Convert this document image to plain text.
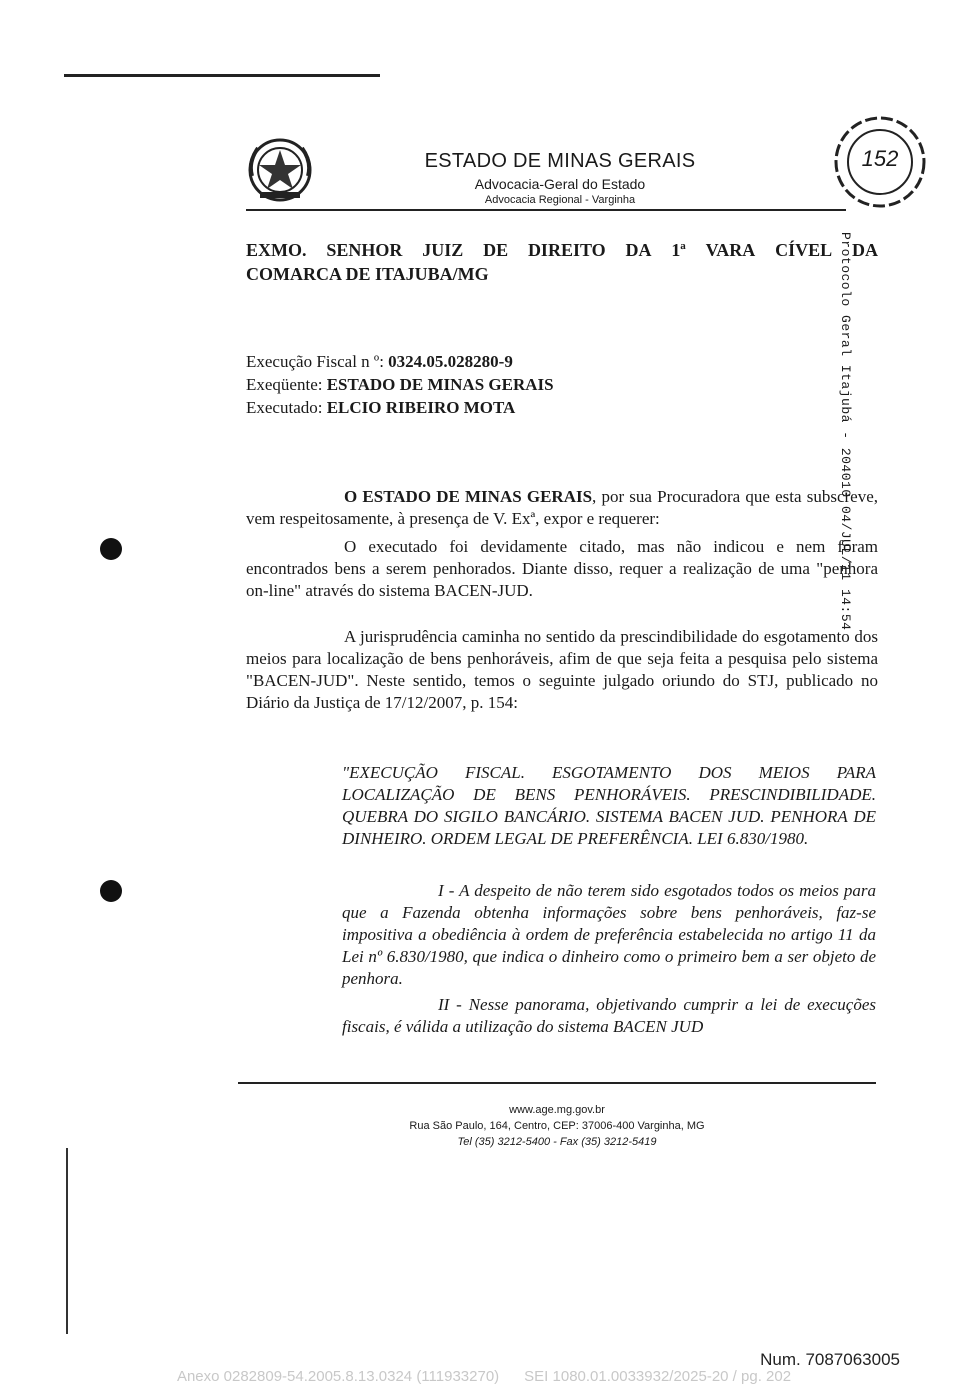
ESTADO DE MINAS GERAIS
Advocacia-Geral do Estado
Advocacia Regional - Varginha
152
Protocolo Geral Itajubá - 204010 04/JUL/11 14:54
EXMO. SENHOR JUIZ DE DIREITO DA 1ª VARA CÍVEL DA
COMARCA DE ITAJUBA/MG
Execução Fiscal n º: 0324.05.028280-9
Exeqüente: ESTADO DE MINAS GERAIS
Executado: ELCIO RIBEIRO MOTA
O ESTADO DE MINAS GERAIS, por sua Procuradora que esta subscreve, vem respeitosamente, à presença de V. Exª, expor e requerer:
O executado foi devidamente citado, mas não indicou e nem foram encontrados bens a serem penhorados. Diante disso, requer a realização de uma "penhora on-line" através do sistema BACEN-JUD.
A jurisprudência caminha no sentido da prescindibilidade do esgotamento dos meios para localização de bens penhoráveis, afim de que seja feita a pesquisa pelo sistema "BACEN-JUD". Neste sentido, temos o seguinte julgado oriundo do STJ, publicado no Diário da Justiça de 17/12/2007, p. 154:
"EXECUÇÃO FISCAL. ESGOTAMENTO DOS MEIOS PARA LOCALIZAÇÃO DE BENS PENHORÁVEIS. PRESCINDIBILIDADE. QUEBRA DO SIGILO BANCÁRIO. SISTEMA BACEN JUD. PENHORA DE DINHEIRO. ORDEM LEGAL DE PREFERÊNCIA. LEI 6.830/1980.
I - A despeito de não terem sido esgotados todos os meios para que a Fazenda obtenha informações sobre bens penhoráveis, faz-se impositiva a obediência à ordem de preferência estabelecida no artigo 11 da Lei nº 6.830/1980, que indica o dinheiro como o primeiro bem a ser objeto de penhora.
II - Nesse panorama, objetivando cumprir a lei de execuções fiscais, é válida a utilização do sistema BACEN JUD
www.age.mg.gov.br
Rua São Paulo, 164, Centro, CEP: 37006-400 Varginha, MG
Tel (35) 3212-5400 - Fax (35) 3212-5419
Num. 7087063005
Anexo 0282809-54.2005.8.13.0324 (111933270)      SEI 1080.01.0033932/2025-20 / pg. 202
